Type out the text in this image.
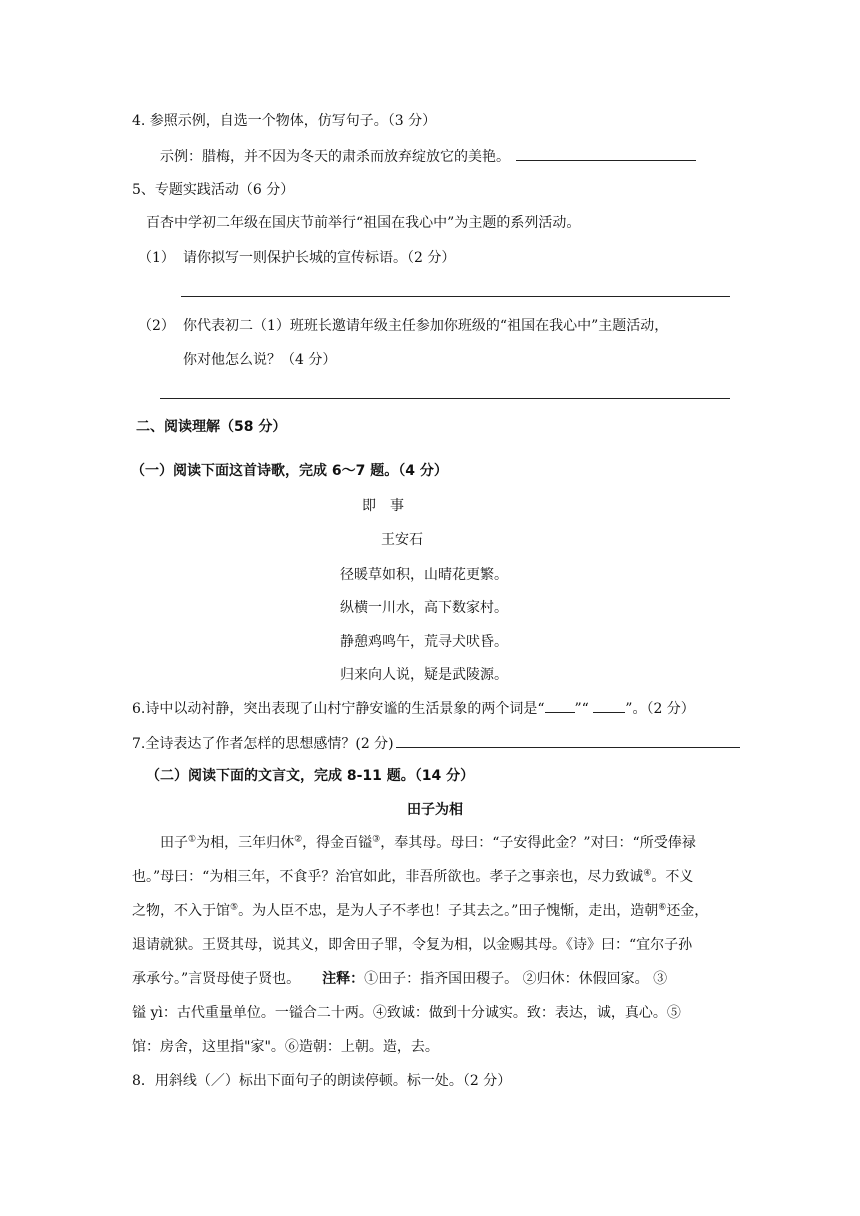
4. 参照示例，自选一个物体，仿写句子。（3 分）
示例：腊梅，并不因为冬天的肃杀而放弃绽放它的美艳。
5、专题实践活动（6 分）
百杏中学初二年级在国庆节前举行“祖国在我心中”为主题的系列活动。
（1） 请你拟写一则保护长城的宣传标语。（2 分）
（2） 你代表初二（1）班班长邀请年级主任参加你班级的“祖国在我心中”主题活动，
你对他怎么说？（4 分）
二、阅读理解（58 分）
（一）阅读下面这首诗歌，完成 6～7 题。（4 分）
即　事
王安石
径暖草如积，山晴花更繁。
纵横一川水，高下数家村。
静憩鸡鸣午，荒寻犬吠昏。
归来向人说，疑是武陵源。
6.诗中以动衬静，突出表现了山村宁静安谧的生活景象的两个词是“ ”“ ”。（2 分）
7.全诗表达了作者怎样的思想感情？(2 分)
（二）阅读下面的文言文，完成 8-11 题。（14 分）
田子为相
田子①为相，三年归休②，得金百镒③，奉其母。母曰：“子安得此金？”对曰：“所受俸禄
也。”母曰：“为相三年，不食乎？治官如此，非吾所欲也。孝子之事亲也，尽力致诚④。不义
之物，不入于馆⑤。为人臣不忠，是为人子不孝也！子其去之。”田子愧惭，走出，造朝⑥还金，
退请就狱。王贤其母，说其义，即舍田子罪，令复为相，以金赐其母。《诗》曰：“宜尔子孙
承承兮。”言贤母使子贤也。 注释：①田子：指齐国田稷子。 ②归休：休假回家。 ③
镒 yì：古代重量单位。一镒合二十两。④致诚：做到十分诚实。致：表达，诚，真心。⑤
馆：房舍，这里指"家"。⑥造朝：上朝。造，去。
8．用斜线（／）标出下面句子的朗读停顿。标一处。（2 分）
